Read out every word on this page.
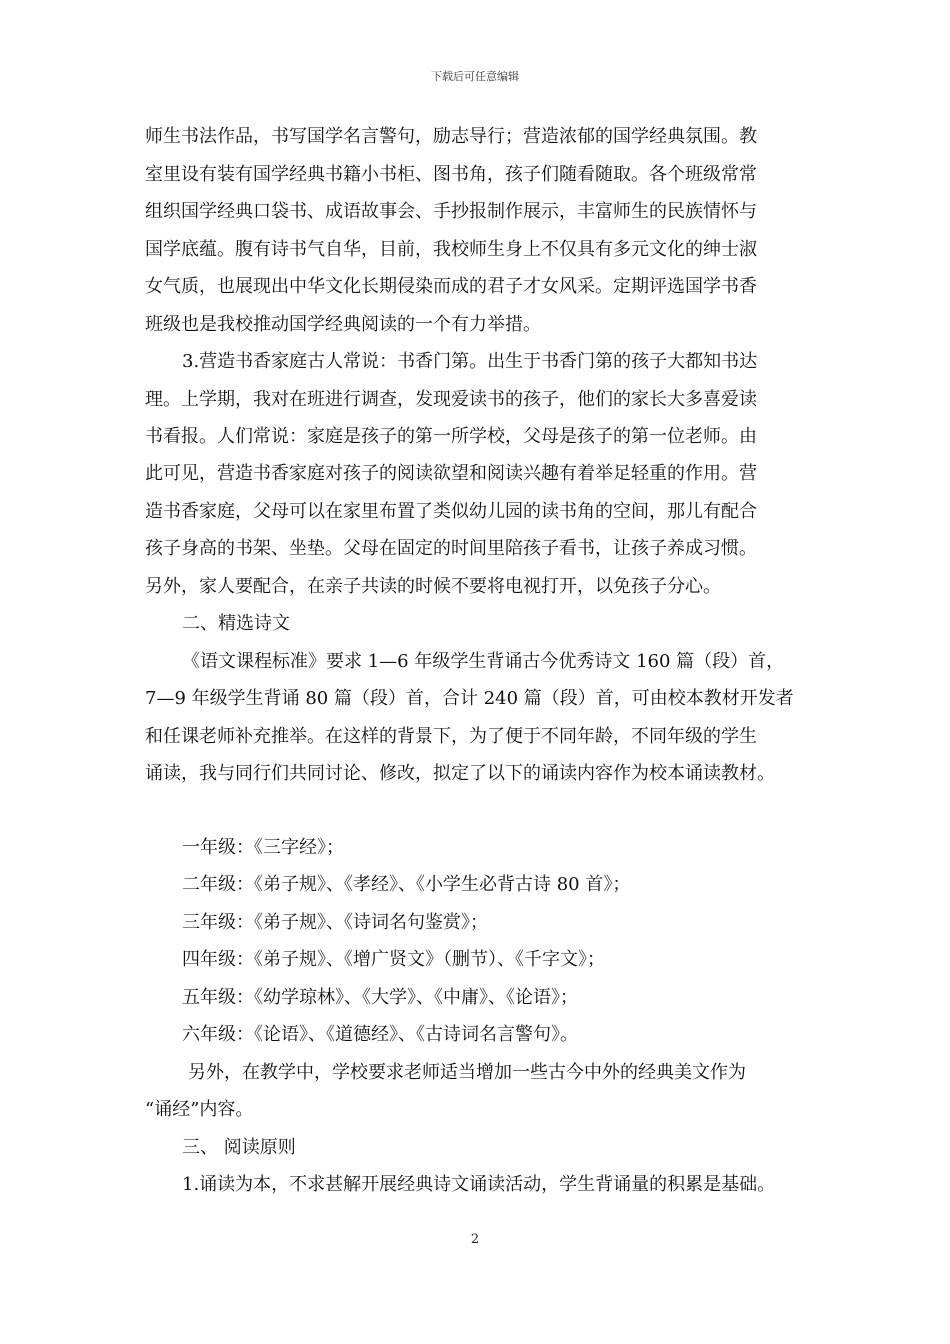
下载后可任意编辑
师生书法作品，书写国学名言警句，励志导行；营造浓郁的国学经典氛围。教
室里设有装有国学经典书籍小书柜、图书角，孩子们随看随取。各个班级常常
组织国学经典口袋书、成语故事会、手抄报制作展示，丰富师生的民族情怀与
国学底蕴。腹有诗书气自华，目前，我校师生身上不仅具有多元文化的绅士淑
女气质，也展现出中华文化长期侵染而成的君子才女风采。定期评选国学书香
班级也是我校推动国学经典阅读的一个有力举措。
3.营造书香家庭古人常说：书香门第。出生于书香门第的孩子大都知书达
理。上学期，我对在班进行调查，发现爱读书的孩子，他们的家长大多喜爱读
书看报。人们常说：家庭是孩子的第一所学校，父母是孩子的第一位老师。由
此可见，营造书香家庭对孩子的阅读欲望和阅读兴趣有着举足轻重的作用。营
造书香家庭，父母可以在家里布置了类似幼儿园的读书角的空间，那儿有配合
孩子身高的书架、坐垫。父母在固定的时间里陪孩子看书，让孩子养成习惯。
另外，家人要配合，在亲子共读的时候不要将电视打开，以免孩子分心。
二、精选诗文
《语文课程标准》要求 1—6 年级学生背诵古今优秀诗文 160 篇（段）首，
7—9 年级学生背诵 80 篇（段）首，合计 240 篇（段）首，可由校本教材开发者
和任课老师补充推举。在这样的背景下，为了便于不同年龄，不同年级的学生
诵读，我与同行们共同讨论、修改，拟定了以下的诵读内容作为校本诵读教材。
一年级：《三字经》；
二年级：《弟子规》、《孝经》、《小学生必背古诗 80 首》；
三年级：《弟子规》、《诗词名句鉴赏》；
四年级：《弟子规》、《增广贤文》（删节）、《千字文》；
五年级：《幼学琼林》、《大学》、《中庸》、《论语》；
六年级：《论语》、《道德经》、《古诗词名言警句》。
另外，在教学中，学校要求老师适当增加一些古今中外的经典美文作为
“诵经”内容。
三、 阅读原则
1.诵读为本，不求甚解开展经典诗文诵读活动，学生背诵量的积累是基础。
2
